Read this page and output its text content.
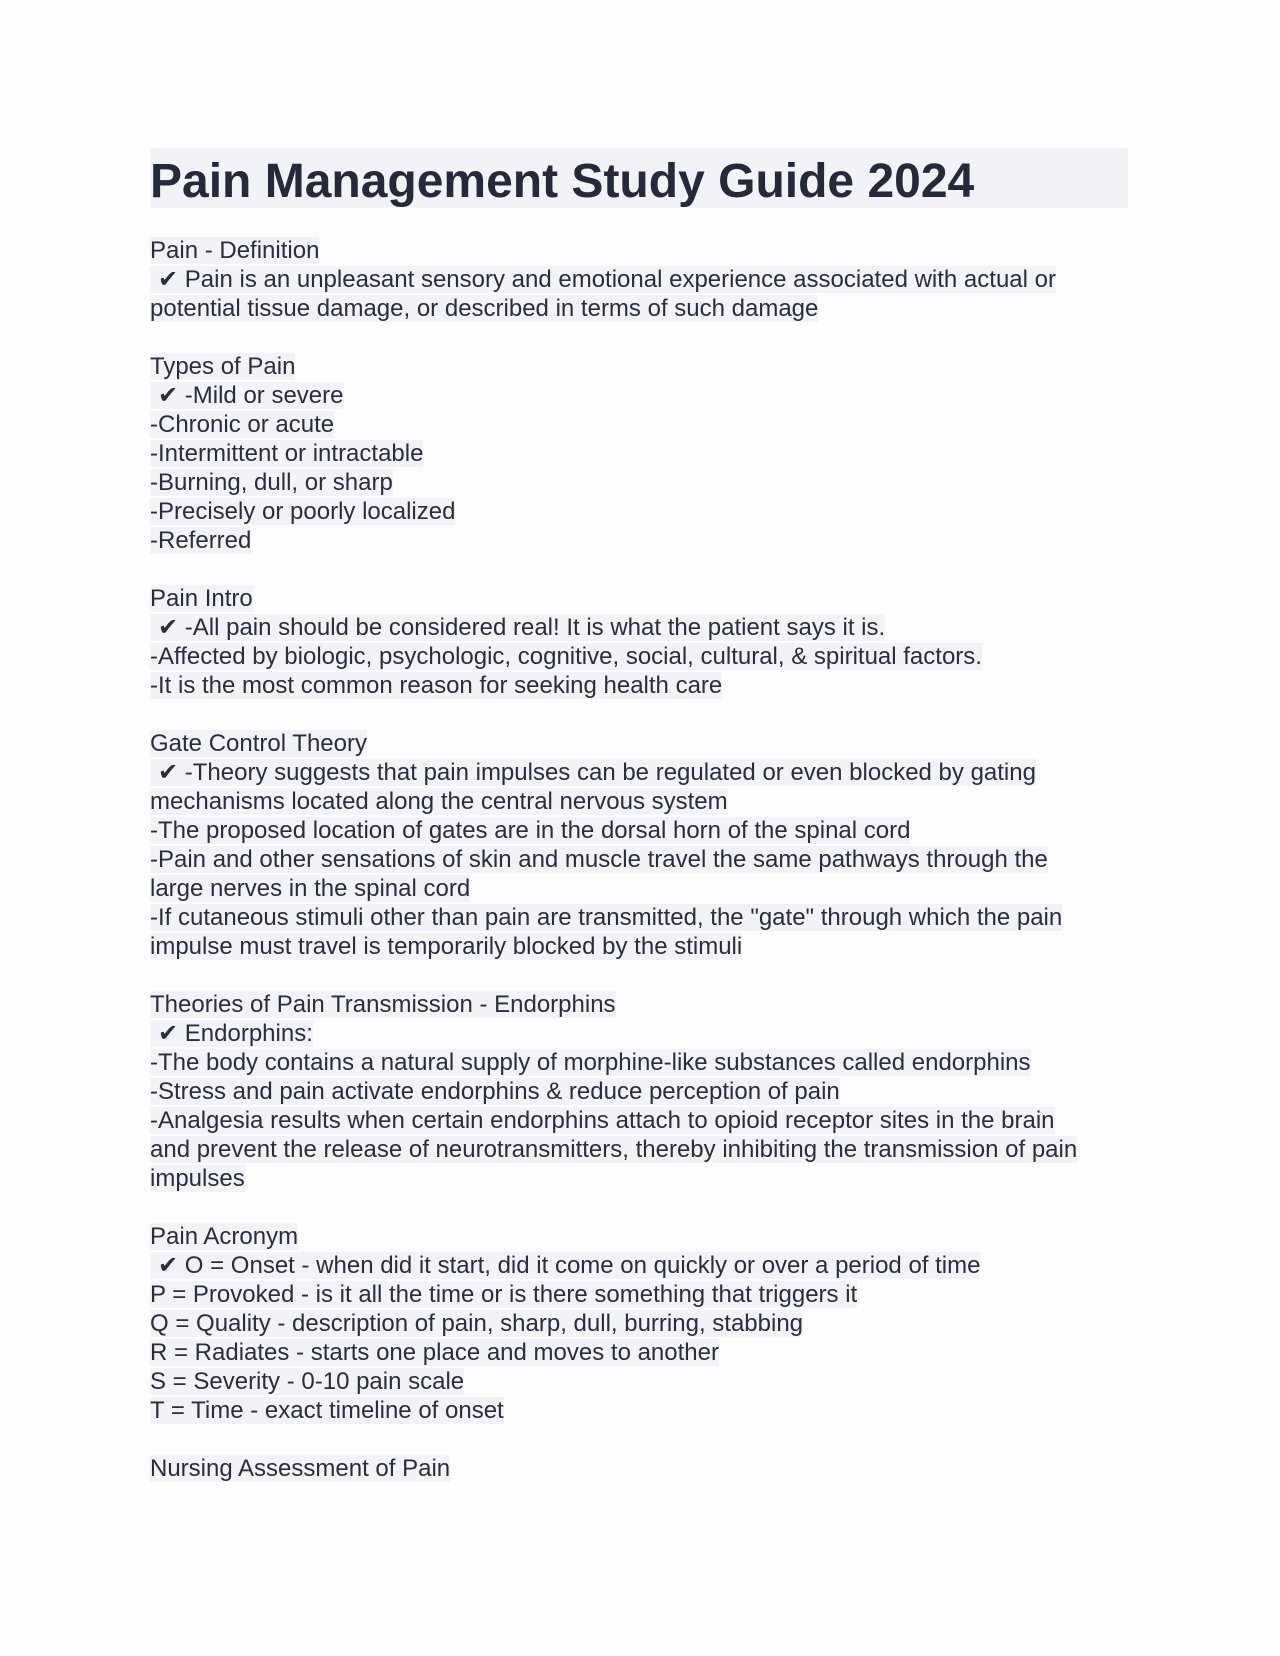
Pain Management Study Guide 2024

Pain - Definition

✔ Pain is an unpleasant sensory and emotional experience associated with actual or

potential tissue damage, or described in terms of such damage

Types of Pain

✔ -Mild or severe

-Chronic or acute

-Intermittent or intractable

-Burning, dull, or sharp

-Precisely or poorly localized

-Referred

Pain Intro

✔ -All pain should be considered real! It is what the patient says it is.

-Affected by biologic, psychologic, cognitive, social, cultural, & spiritual factors.

-It is the most common reason for seeking health care

Gate Control Theory

✔ -Theory suggests that pain impulses can be regulated or even blocked by gating

mechanisms located along the central nervous system

-The proposed location of gates are in the dorsal horn of the spinal cord

-Pain and other sensations of skin and muscle travel the same pathways through the

large nerves in the spinal cord

-If cutaneous stimuli other than pain are transmitted, the "gate" through which the pain

impulse must travel is temporarily blocked by the stimuli

Theories of Pain Transmission - Endorphins

✔ Endorphins:

-The body contains a natural supply of morphine-like substances called endorphins

-Stress and pain activate endorphins & reduce perception of pain

-Analgesia results when certain endorphins attach to opioid receptor sites in the brain

and prevent the release of neurotransmitters, thereby inhibiting the transmission of pain

impulses

Pain Acronym

✔ O = Onset - when did it start, did it come on quickly or over a period of time

P = Provoked - is it all the time or is there something that triggers it

Q = Quality - description of pain, sharp, dull, burring, stabbing

R = Radiates - starts one place and moves to another

S = Severity - 0-10 pain scale

T = Time - exact timeline of onset

Nursing Assessment of Pain
